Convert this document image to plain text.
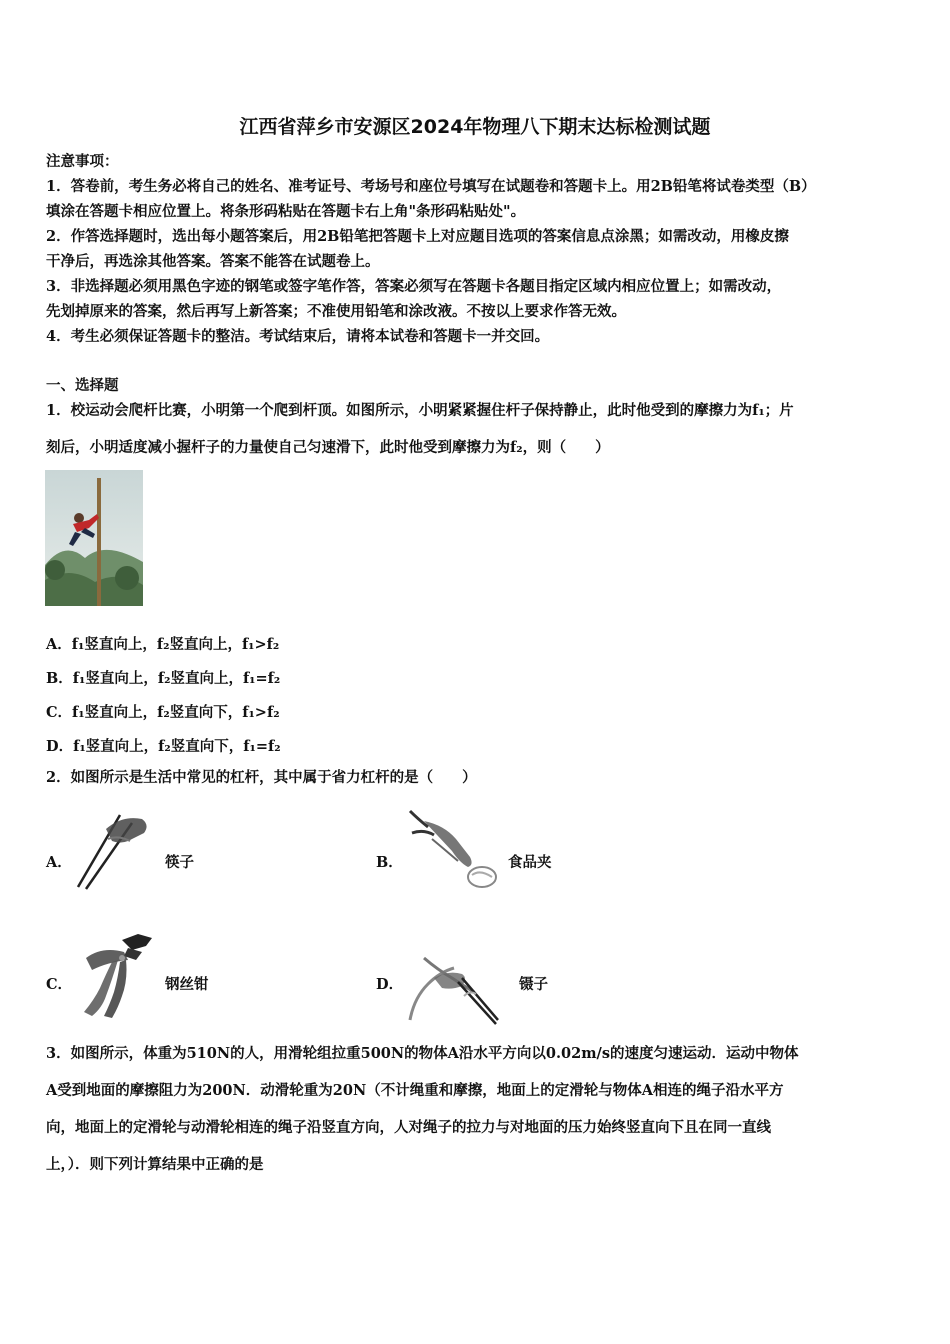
江西省萍乡市安源区2024年物理八下期末达标检测试题
注意事项：
1．答卷前，考生务必将自己的姓名、准考证号、考场号和座位号填写在试题卷和答题卡上。用2B铅笔将试卷类型（B）
填涂在答题卡相应位置上。将条形码粘贴在答题卡右上角"条形码粘贴处"。
2．作答选择题时，选出每小题答案后，用2B铅笔把答题卡上对应题目选项的答案信息点涂黑；如需改动，用橡皮擦
干净后，再选涂其他答案。答案不能答在试题卷上。
3．非选择题必须用黑色字迹的钢笔或签字笔作答，答案必须写在答题卡各题目指定区域内相应位置上；如需改动，
先划掉原来的答案，然后再写上新答案；不准使用铅笔和涂改液。不按以上要求作答无效。
4．考生必须保证答题卡的整洁。考试结束后，请将本试卷和答题卡一并交回。
一、选择题
1．校运动会爬杆比赛，小明第一个爬到杆顶。如图所示，小明紧紧握住杆子保持静止，此时他受到的摩擦力为f₁；片
刻后，小明适度减小握杆子的力量使自己匀速滑下，此时他受到摩擦力为f₂，则（　　）
A．f₁竖直向上，f₂竖直向上，f₁>f₂
B．f₁竖直向上，f₂竖直向上，f₁=f₂
C．f₁竖直向上，f₂竖直向下，f₁>f₂
D．f₁竖直向上，f₂竖直向下，f₁=f₂
2．如图所示是生活中常见的杠杆，其中属于省力杠杆的是（　　）
A．	筷子	B．	食品夹
C．	钢丝钳	D．	镊子
3．如图所示，体重为510N的人，用滑轮组拉重500N的物体A沿水平方向以0.02m/s的速度匀速运动．运动中物体
A受到地面的摩擦阻力为200N．动滑轮重为20N（不计绳重和摩擦，地面上的定滑轮与物体A相连的绳子沿水平方
向，地面上的定滑轮与动滑轮相连的绳子沿竖直方向，人对绳子的拉力与对地面的压力始终竖直向下且在同一直线
上，）．则下列计算结果中正确的是
